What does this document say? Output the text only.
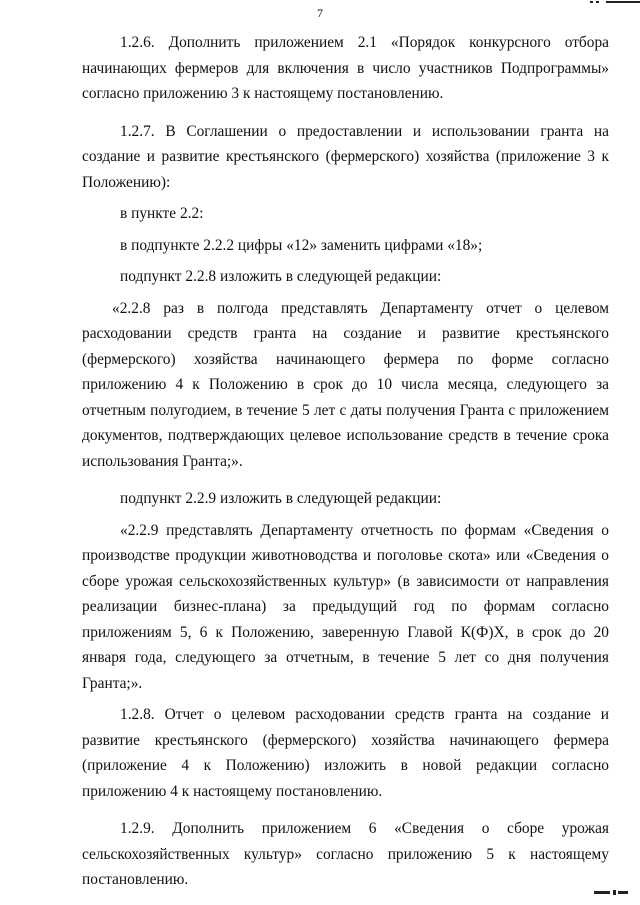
7

1.2.6. Дополнить приложением 2.1 «Порядок конкурсного отбора начинающих фермеров для включения в число участников Подпрограммы» согласно приложению 3 к настоящему постановлению.

1.2.7. В Соглашении о предоставлении и использовании гранта на создание и развитие крестьянского (фермерского) хозяйства (приложение 3 к Положению):

в пункте 2.2:

в подпункте 2.2.2 цифры «12» заменить цифрами «18»;

подпункт 2.2.8 изложить в следующей редакции:

«2.2.8 раз в полгода представлять Департаменту отчет о целевом расходовании средств гранта на создание и развитие крестьянского (фермерского) хозяйства начинающего фермера по форме согласно приложению 4 к Положению в срок до 10 числа месяца, следующего за отчетным полугодием, в течение 5 лет с даты получения Гранта с приложением документов, подтверждающих целевое использование средств в течение срока использования Гранта;».

подпункт 2.2.9 изложить в следующей редакции:

«2.2.9 представлять Департаменту отчетность по формам «Сведения о производстве продукции животноводства и поголовье скота» или «Сведения о сборе урожая сельскохозяйственных культур» (в зависимости от направления реализации бизнес-плана) за предыдущий год по формам согласно приложениям 5, 6 к Положению, заверенную Главой К(Ф)Х, в срок до 20 января года, следующего за отчетным, в течение 5 лет со дня получения Гранта;».

1.2.8. Отчет о целевом расходовании средств гранта на создание и развитие крестьянского (фермерского) хозяйства начинающего фермера (приложение 4 к Положению) изложить в новой редакции согласно приложению 4 к настоящему постановлению.

1.2.9. Дополнить приложением 6 «Сведения о сборе урожая сельскохозяйственных культур» согласно приложению 5 к настоящему постановлению.
